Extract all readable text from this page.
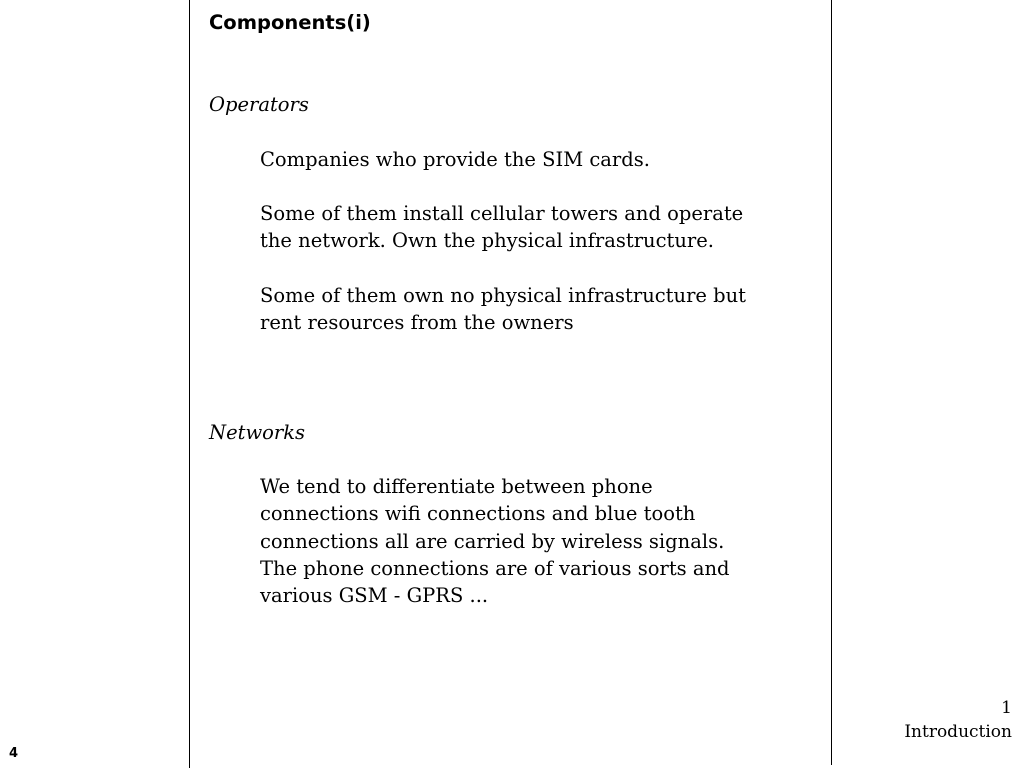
Components(i)
Operators
Companies who provide the SIM cards.
Some of them install cellular towers and operate
the network. Own the physical infrastructure.
Some of them own no physical infrastructure but
rent resources from the owners
Networks
We tend to differentiate between phone
connections wifi connections and blue tooth
connections all are carried by wireless signals.
The phone connections are of various sorts and
various GSM - GPRS ...
1
Introduction
4
